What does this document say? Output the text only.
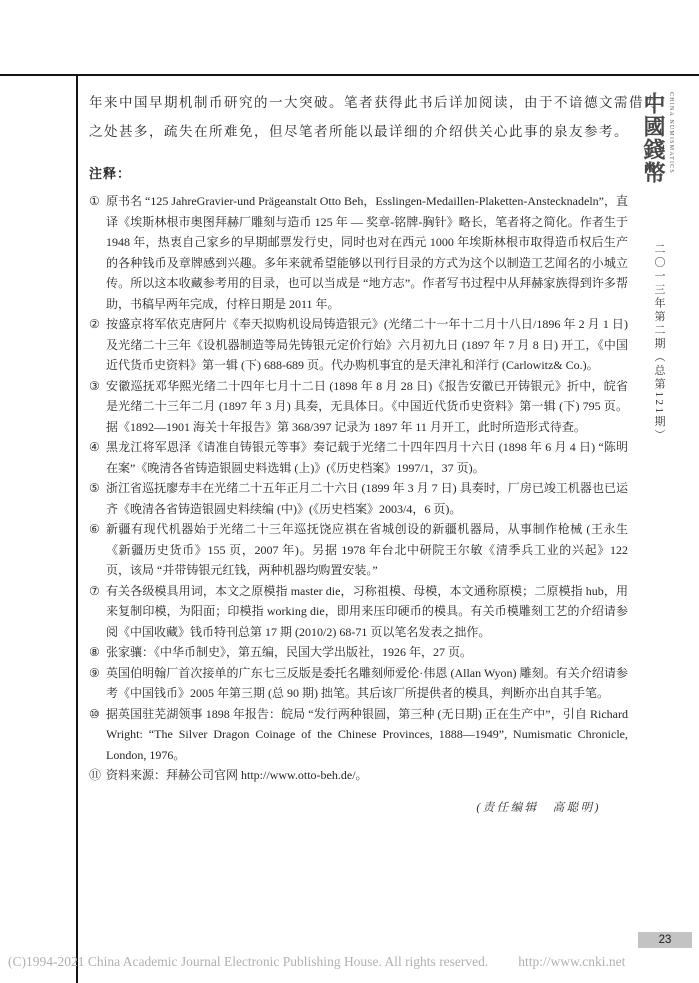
年来中国早期机制币研究的一大突破。笔者获得此书后详加阅读，由于不谙德文需借力
之处甚多，疏失在所难免，但尽笔者所能以最详细的介绍供关心此事的泉友参考。
注释：
① 原书名 “125 JahreGravier-und Prägeanstalt Otto Beh，Esslingen-Medaillen-Plaketten-Anstecknadeln”，直译《埃斯林根市奥图拜赫厂雕刻与造币 125 年 — 奖章-铭牌-胸针》略长，笔者将之简化。作者生于 1948 年，热衷自己家乡的早期邮票发行史，同时也对在西元 1000 年埃斯林根市取得造币权后生产的各种钱币及章牌感到兴趣。多年来就希望能够以刊行目录的方式为这个以制造工艺闻名的小城立传。所以这本收藏参考用的目录，也可以当成是 “地方志”。作者写书过程中从拜赫家族得到许多帮助，书稿早两年完成，付梓日期是 2011 年。
② 按盛京将军依克唐阿片《奉天拟购机设局铸造银元》(光绪二十一年十二月十八日/1896 年 2 月 1 日) 及光绪二十三年《设机器制造等局先铸银元定价行始》六月初九日 (1897 年 7 月 8 日) 开工，《中国近代货币史资料》第一辑 (下) 688-689 页。代办购机事宜的是天津礼和洋行 (Carlowitz& Co.)。
③ 安徽巡抚邓华熙光绪二十四年七月十二日 (1898 年 8 月 28 日)《报告安徽已开铸银元》折中，皖省是光绪二十三年二月 (1897 年 3 月) 具奏，无具体日。《中国近代货币史资料》第一辑 (下) 795 页。据《1892—1901 海关十年报告》第 368/397 记录为 1897 年 11 月开工，此时所造形式待查。
④ 黑龙江将军恩泽《请准自铸银元等事》奏记载于光绪二十四年四月十六日 (1898 年 6 月 4 日) “陈明在案”《晚清各省铸造银圆史料选辑 (上)》(《历史档案》1997/1，37 页)。
⑤ 浙江省巡抚廖寿丰在光绪二十五年正月二十六日 (1899 年 3 月 7 日) 具奏时，厂房已竣工机器也已运齐《晚清各省铸造银圆史料续编 (中)》(《历史档案》2003/4，6 页)。
⑥ 新疆有现代机器始于光绪二十三年巡抚饶应祺在省城创设的新疆机器局，从事制作枪械 (王永生《新疆历史货币》155 页，2007 年)。另据 1978 年台北中研院王尔敏《清季兵工业的兴起》122 页，该局 “并带铸银元红钱，两种机器均购置安装。”
⑦ 有关各级模具用词，本文之原模指 master die，习称祖模、母模，本文通称原模；二原模指 hub，用来复制印模，为阳面；印模指 working die，即用来压印硬币的模具。有关币模雕刻工艺的介绍请参阅《中国收藏》钱币特刊总第 17 期 (2010/2) 68-71 页以笔名发表之拙作。
⑧ 张家骧：《中华币制史》，第五编，民国大学出版社，1926 年，27 页。
⑨ 英国伯明翰厂首次接单的广东七三反版是委托名雕刻师爱伦·伟恩 (Allan Wyon) 雕刻。有关介绍请参考《中国钱币》2005 年第三期 (总 90 期) 拙笔。其后该厂所提供者的模具，判断亦出自其手笔。
⑩ 据英国驻芜湖领事 1898 年报告：皖局 “发行两种银圆，第三种 (无日期) 正在生产中”，引自 Richard Wright: “The Silver Dragon Coinage of the Chinese Provinces, 1888—1949”, Numismatic Chronicle, London, 1976。
⑪ 资料来源：拜赫公司官网 http://www.otto-beh.de/。
(责任编辑　高聪明)
中國錢幣 CHINA NUMISMATICS
二〇一三年第二期（总第121期）
23
(C)1994-2021 China Academic Journal Electronic Publishing House. All rights reserved. http://www.cnki.net
